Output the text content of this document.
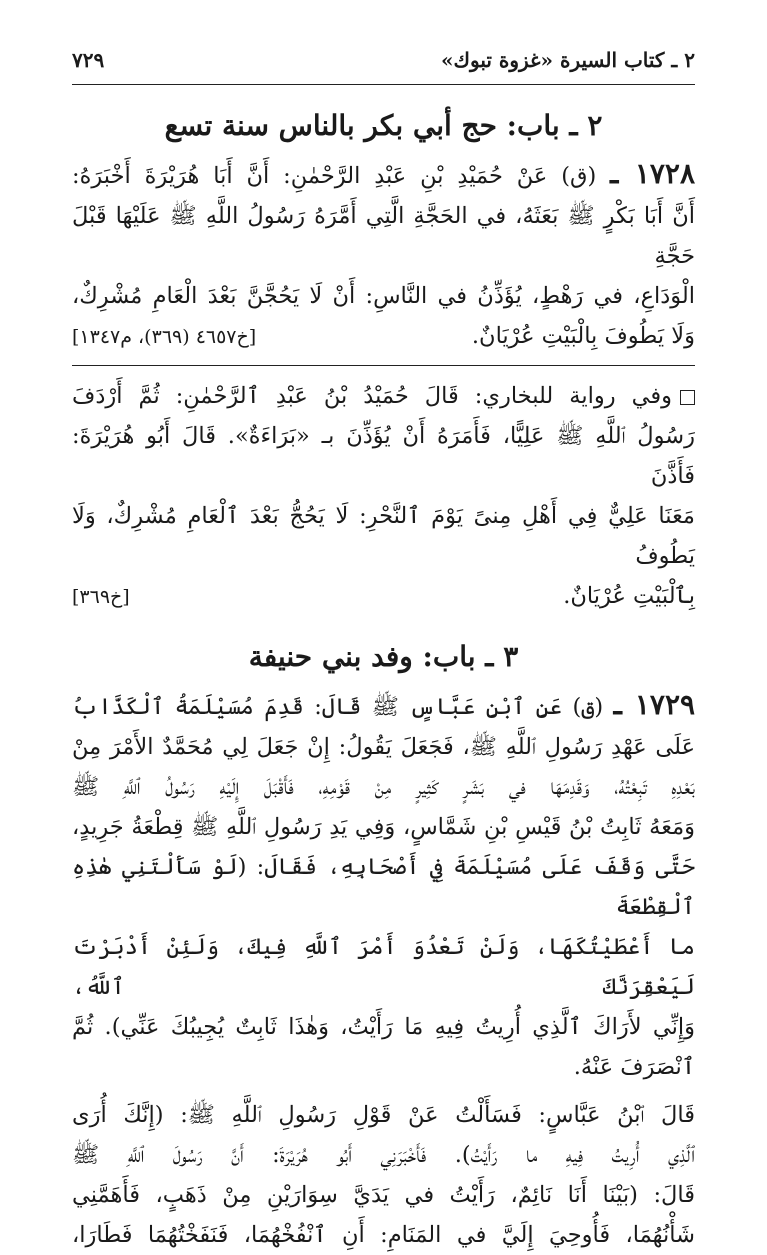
٢ ـ كتاب السيرة «غزوة تبوك»
٧٢٩
٢ ـ باب: حج أبي بكر بالناس سنة تسع
١٧٢٨ ـ (ق) عَنْ حُمَيْدِ بْنِ عَبْدِ الرَّحْمٰنِ: أَنَّ أَبَا هُرَيْرَةَ أَخْبَرَهُ:
أَنَّ أَبَا بَكْرٍ ﷺ بَعَثَهُ، في الحَجَّةِ الَّتِي أَمَّرَهُ رَسُولُ اللَّهِ ﷺ عَلَيْهَا قَبْلَ حَجَّةِ
الْوَدَاعِ، في رَهْطٍ، يُؤَذِّنُ في النَّاسِ: أَنْ لَا يَحُجَّنَّ بَعْدَ الْعَامِ مُشْرِكٌ،
وَلَا يَطُوفَ بِالْبَيْتِ عُرْيَانٌ.
[خ٤٦٥٧ (٣٦٩)، م١٣٤٧]
وفي رواية للبخاري: قَالَ حُمَيْدُ بْنُ عَبْدِ ٱلرَّحْمٰنِ: ثُمَّ أَرْدَفَ
رَسُولُ ٱللَّهِ ﷺ عَلِيًّا، فَأَمَرَهُ أَنْ يُؤَذِّنَ بـ «بَرَاءَةٌ». قَالَ أَبُو هُرَيْرَةَ: فَأَذَّنَ
مَعَنَا عَلِيٌّ فِي أَهْلِ مِنىً يَوْمَ ٱلنَّحْرِ: لَا يَحُجُّ بَعْدَ ٱلْعَامِ مُشْرِكٌ، وَلَا يَطُوفُ
بِٱلْبَيْتِ عُرْيَانٌ.
[خ٣٦٩]
٣ ـ باب: وفد بني حنيفة
١٧٢٩ ـ (ق) عَنِ ٱبْنِ عَبَّاسٍ ﷺ قَالَ: قَدِمَ مُسَيْلَمَةُ ٱلْكَذَّابُ
عَلَى عَهْدِ رَسُولِ ٱللَّهِ ﷺ، فَجَعَلَ يَقُولُ: إِنْ جَعَلَ لِي مُحَمَّدٌ الأَمْرَ مِنْ
بَعْدِهِ تَبِعْتُهُ، وَقَدِمَهَا في بَشَرٍ كَثِيرٍ مِنْ قَوْمِهِ، فَأَقْبَلَ إِلَيْهِ رَسُولُ ٱللَّهِ ﷺ
وَمَعَهُ ثَابِتُ بْنُ قَيْسِ بْنِ شَمَّاسٍ، وَفِي يَدِ رَسُولِ ٱللَّهِ ﷺ قِطْعَةُ جَرِيدٍ،
حَتَّى وَقَفَ عَلَى مُسَيْلَمَةَ فِي أَصْحَابِهِ، فَقَالَ: (لَوْ سَأَلْتَنِي هٰذِهِ ٱلْقِطْعَةَ
ما أَعْطَيْتُكَهَا، وَلَنْ تَعْدُوَ أَمْرَ ٱللَّهِ فِيكَ، وَلَئِنْ أَدْبَرْتَ لَيَعْقِرَنَّكَ ٱللَّهُ،
وَإِنِّي لأَرَاكَ ٱلَّذِي أُرِيتُ فِيهِ مَا رَأَيْتُ، وَهٰذَا ثَابِتٌ يُجِيبُكَ عَنِّي). ثُمَّ
ٱنْصَرَفَ عَنْهُ.
قَالَ ٱبْنُ عَبَّاسٍ: فَسَأَلْتُ عَنْ قَوْلِ رَسُولِ ٱللَّهِ ﷺ: (إِنَّكَ أُرَى
ٱلَّذِي أُرِيتُ فِيهِ ما رَأَيْتُ). فَأَخْبَرَنِي أَبُو هُرَيْرَةَ: أَنَّ رَسُولَ ٱللَّهِ ﷺ
قَالَ: (بَيْنَا أَنَا نَائِمٌ، رَأَيْتُ في يَدَيَّ سِوَارَيْنِ مِنْ ذَهَبٍ، فَأَهَمَّنِي
شَأْنُهُمَا، فَأُوحِيَ إِلَيَّ في المَنَامِ: أَنِ ٱنْفُخْهُمَا، فَنَفَخْتُهُمَا فَطَارَا،
